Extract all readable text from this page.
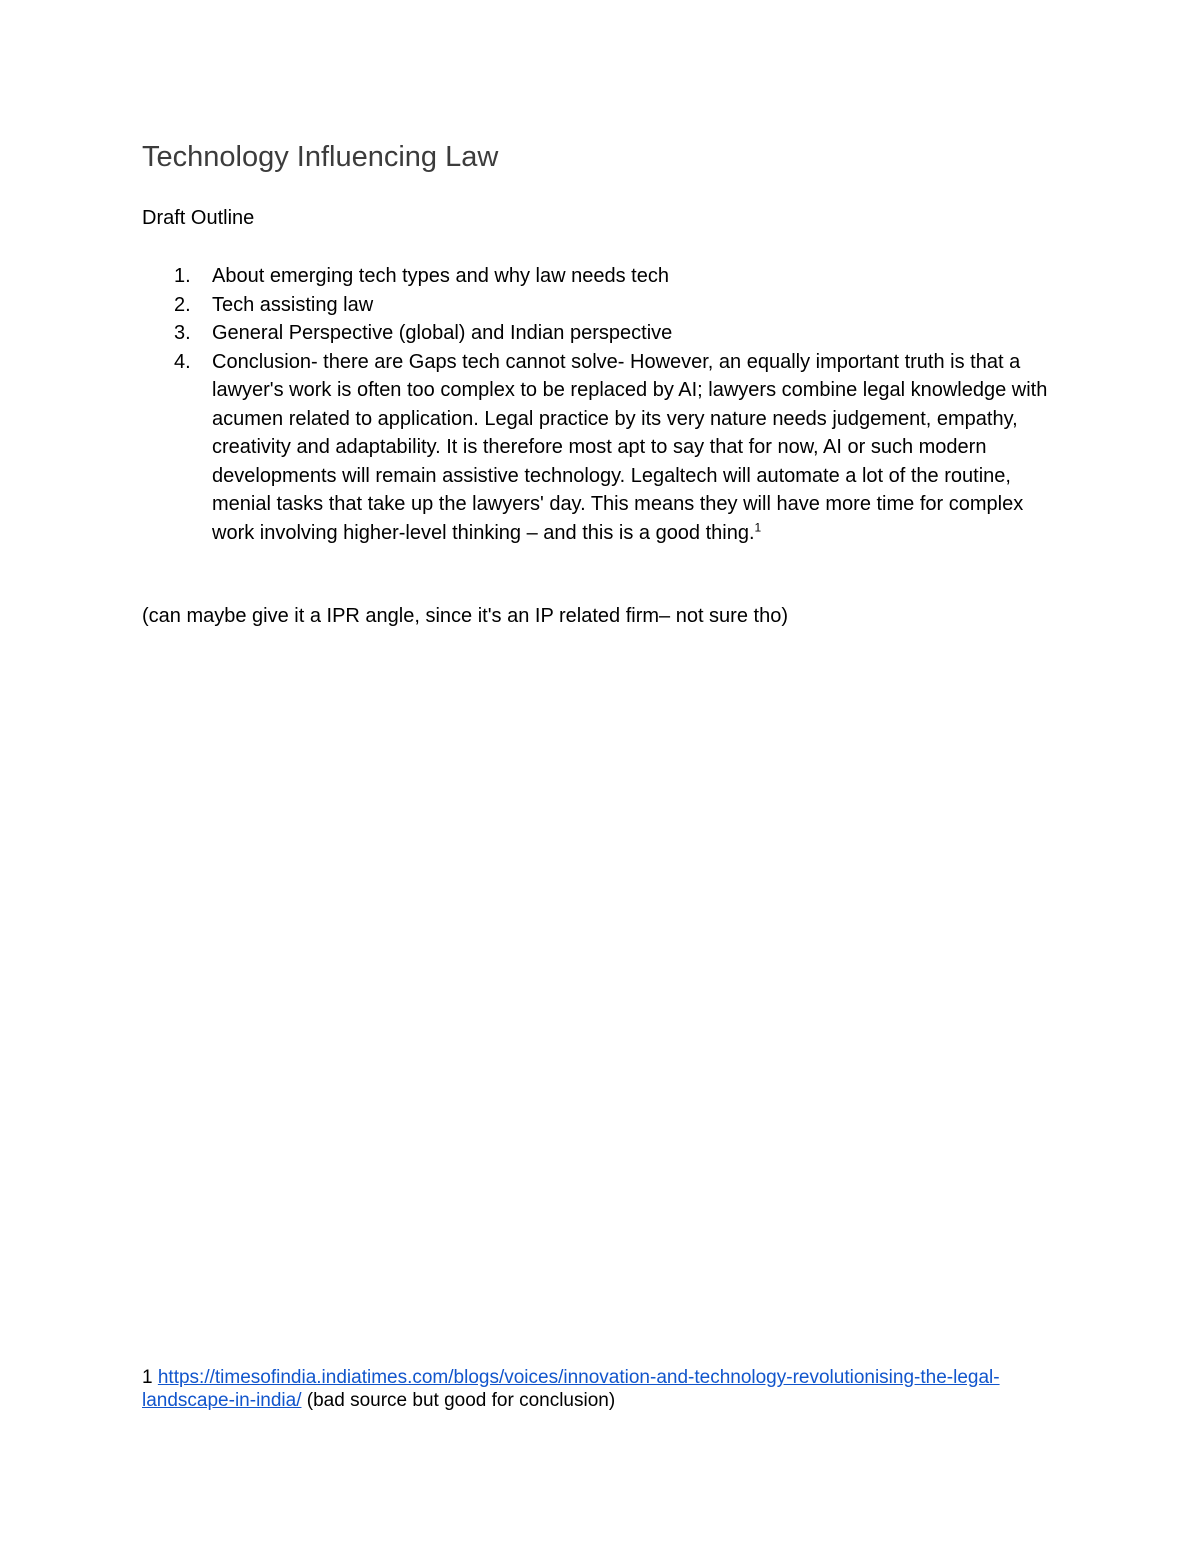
Technology Influencing Law

Draft Outline

1. About emerging tech types and why law needs tech
2. Tech assisting law
3. General Perspective (global) and Indian perspective
4. Conclusion- there are Gaps tech cannot solve- However, an equally important truth is that a lawyer's work is often too complex to be replaced by AI; lawyers combine legal knowledge with acumen related to application. Legal practice by its very nature needs judgement, empathy, creativity and adaptability. It is therefore most apt to say that for now, AI or such modern developments will remain assistive technology. Legaltech will automate a lot of the routine, menial tasks that take up the lawyers' day. This means they will have more time for complex work involving higher-level thinking – and this is a good thing.$^1$

(can maybe give it a IPR angle, since it's an IP related firm– not sure tho)

1 https://timesofindia.indiatimes.com/blogs/voices/innovation-and-technology-revolutionising-the-legal-landscape-in-india/ (bad source but good for conclusion)
